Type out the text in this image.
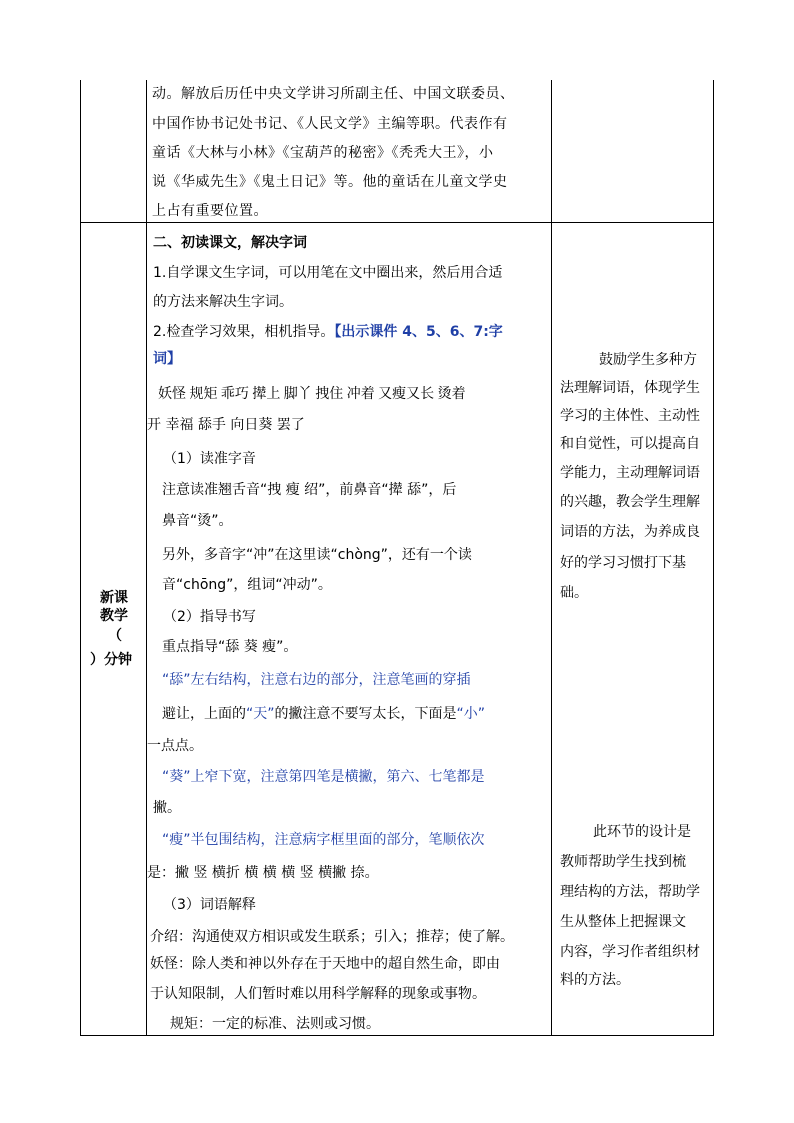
动。解放后历任中央文学讲习所副主任、中国文联委员、
中国作协书记处书记、《人民文学》主编等职。代表作有
童话《大林与小林》《宝葫芦的秘密》《秃秃大王》，小
说《华威先生》《鬼土日记》等。他的童话在儿童文学史
上占有重要位置。
新课
教学
（
）分钟
二、初读课文，解决字词
1.自学课文生字词，可以用笔在文中圈出来，然后用合适
的方法来解决生字词。
2.检查学习效果，相机指导。【出示课件 4、5、6、7:字
词】
妖怪 规矩 乖巧 撵上 脚丫 拽住 冲着 又瘦又长 烫着
开 幸福 舔手 向日葵 罢了
（1）读准字音
注意读准翘舌音“拽 瘦 绍”，前鼻音“撵 舔”，后
鼻音“烫”。
另外，多音字“冲”在这里读“chòng”，还有一个读
音“chōng”，组词“冲动”。
（2）指导书写
重点指导“舔 葵 瘦”。
“舔”左右结构，注意右边的部分，注意笔画的穿插
避让，上面的“天”的撇注意不要写太长，下面是“小”
一点点。
“葵”上窄下宽，注意第四笔是横撇，第六、七笔都是
撇。
“瘦”半包围结构，注意病字框里面的部分，笔顺依次
是：撇 竖 横折 横 横 横 竖 横撇 捺。
（3）词语解释
介绍：沟通使双方相识或发生联系；引入；推荐；使了解。
妖怪：除人类和神以外存在于天地中的超自然生命，即由
于认知限制，人们暂时难以用科学解释的现象或事物。
规矩：一定的标准、法则或习惯。
鼓励学生多种方
法理解词语，体现学生
学习的主体性、主动性
和自觉性，可以提高自
学能力，主动理解词语
的兴趣，教会学生理解
词语的方法，为养成良
好的学习习惯打下基
础。
此环节的设计是
教师帮助学生找到梳
理结构的方法，帮助学
生从整体上把握课文
内容，学习作者组织材
料的方法。
